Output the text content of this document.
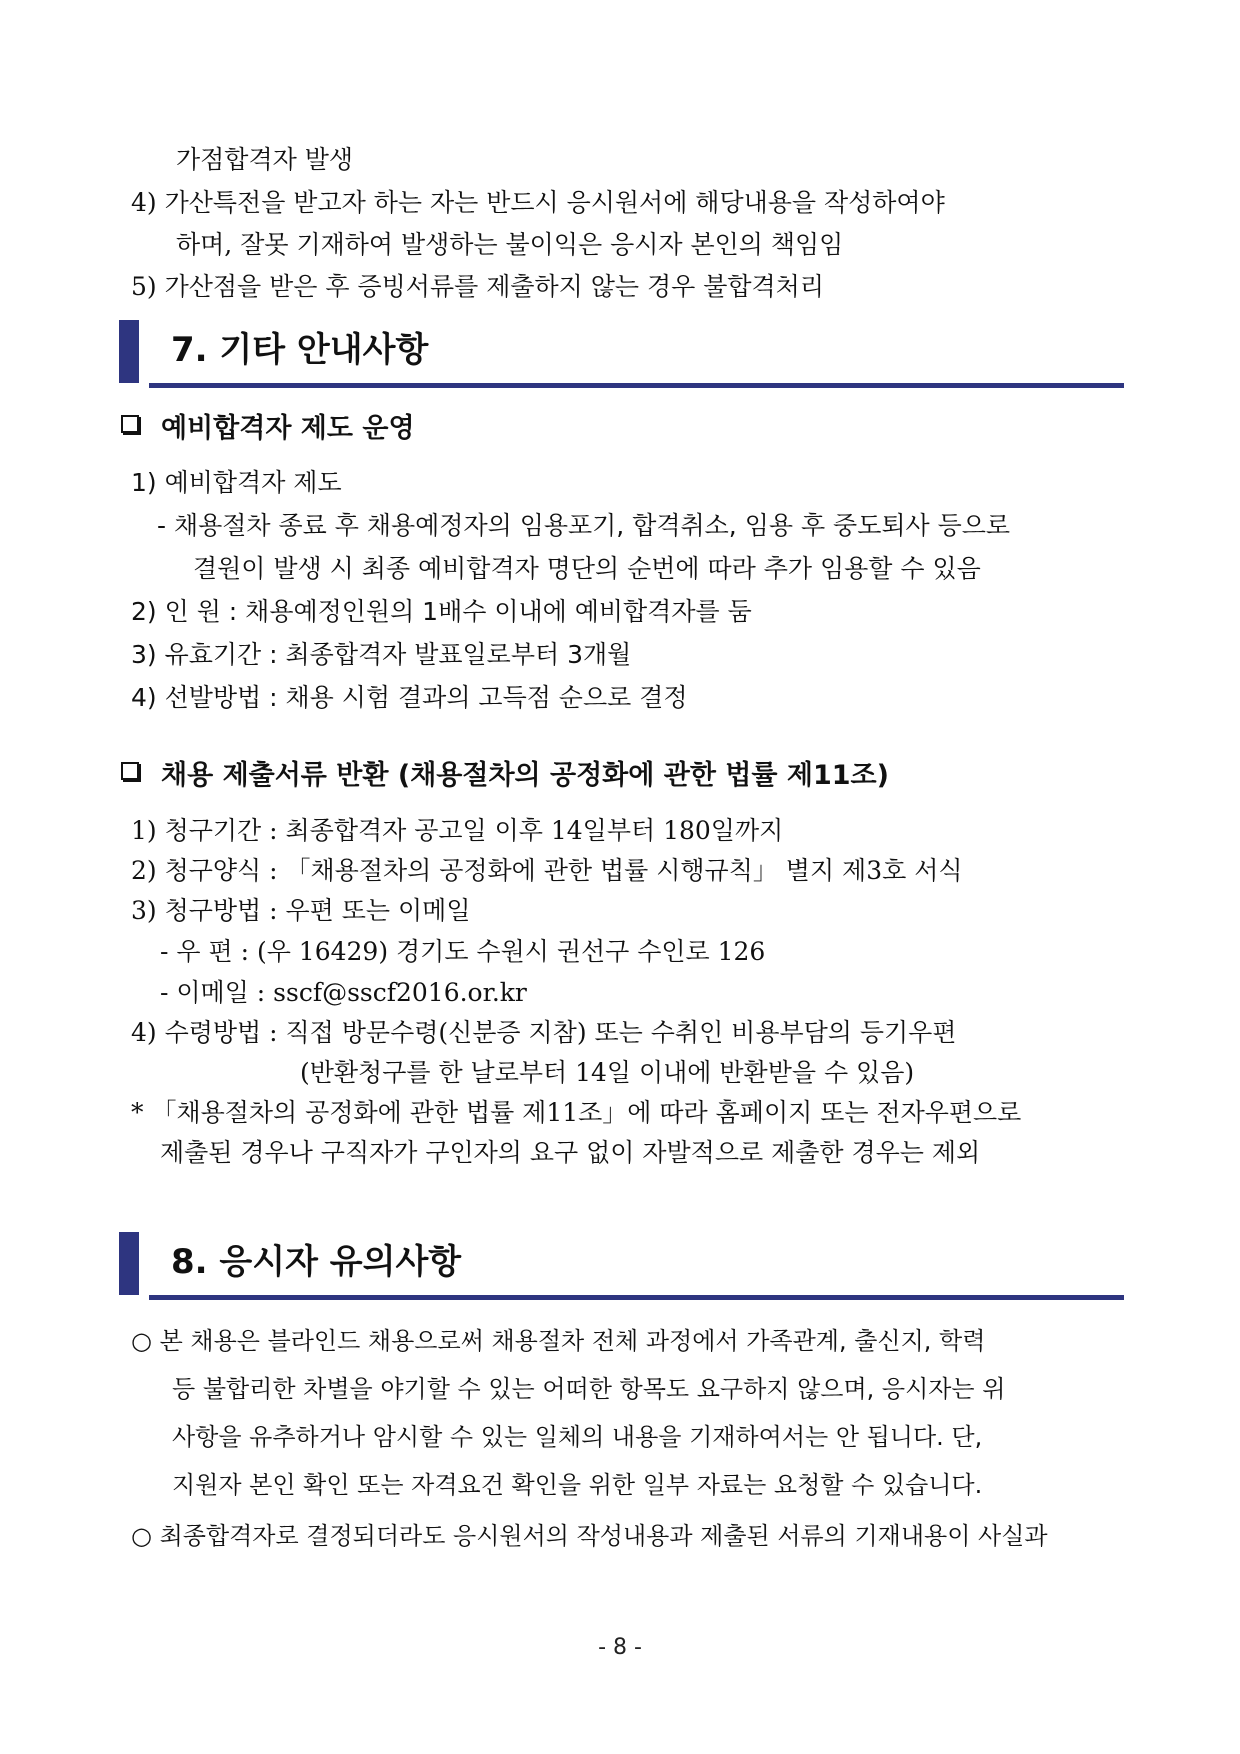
가점합격자 발생
4) 가산특전을 받고자 하는 자는 반드시 응시원서에 해당내용을 작성하여야
하며, 잘못 기재하여 발생하는 불이익은 응시자 본인의 책임임
5) 가산점을 받은 후 증빙서류를 제출하지 않는 경우 불합격처리
7. 기타 안내사항
예비합격자 제도 운영
1) 예비합격자 제도
- 채용절차 종료 후 채용예정자의 임용포기, 합격취소, 임용 후 중도퇴사 등으로
결원이 발생 시 최종 예비합격자 명단의 순번에 따라 추가 임용할 수 있음
2) 인 원 : 채용예정인원의 1배수 이내에 예비합격자를 둠
3) 유효기간 : 최종합격자 발표일로부터 3개월
4) 선발방법 : 채용 시험 결과의 고득점 순으로 결정
채용 제출서류 반환 (채용절차의 공정화에 관한 법률 제11조)
1) 청구기간 : 최종합격자 공고일 이후 14일부터 180일까지
2) 청구양식 : 「채용절차의 공정화에 관한 법률 시행규칙」 별지 제3호 서식
3) 청구방법 : 우편 또는 이메일
- 우 편 : (우 16429) 경기도 수원시 권선구 수인로 126
- 이메일 : sscf@sscf2016.or.kr
4) 수령방법 : 직접 방문수령(신분증 지참) 또는 수취인 비용부담의 등기우편
(반환청구를 한 날로부터 14일 이내에 반환받을 수 있음)
* 「채용절차의 공정화에 관한 법률 제11조」에 따라 홈페이지 또는 전자우편으로
제출된 경우나 구직자가 구인자의 요구 없이 자발적으로 제출한 경우는 제외
8. 응시자 유의사항
○ 본 채용은 블라인드 채용으로써 채용절차 전체 과정에서 가족관계, 출신지, 학력
등 불합리한 차별을 야기할 수 있는 어떠한 항목도 요구하지 않으며, 응시자는 위
사항을 유추하거나 암시할 수 있는 일체의 내용을 기재하여서는 안 됩니다. 단,
지원자 본인 확인 또는 자격요건 확인을 위한 일부 자료는 요청할 수 있습니다.
○ 최종합격자로 결정되더라도 응시원서의 작성내용과 제출된 서류의 기재내용이 사실과
- 8 -
